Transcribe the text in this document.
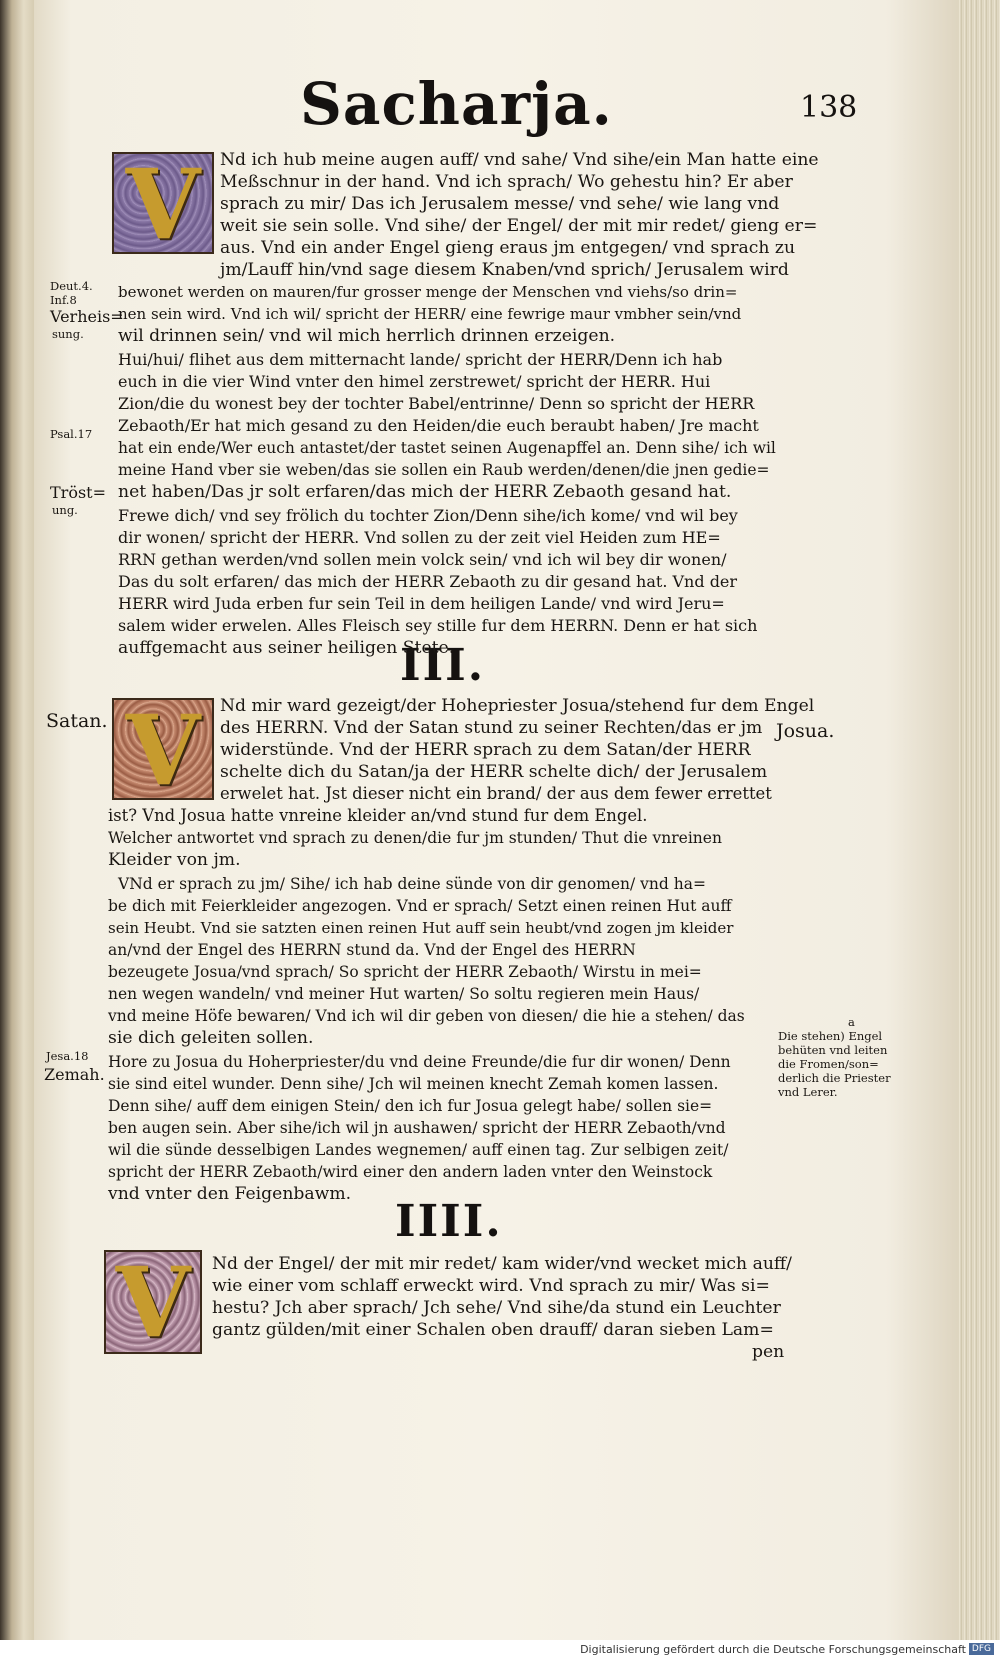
Sacharja.	138
V
V
V
III.
IIII.
Nd ich hub meine augen auff/ vnd sahe/ Vnd sihe/ein Man hatte eine
Meßschnur in der hand. Vnd ich sprach/ Wo gehestu hin? Er aber
sprach zu mir/ Das ich Jerusalem messe/ vnd sehe/ wie lang vnd
weit sie sein solle. Vnd sihe/ der Engel/ der mit mir redet/ gieng er=
aus. Vnd ein ander Engel gieng eraus jm entgegen/ vnd sprach zu
jm/Lauff hin/vnd sage diesem Knaben/vnd sprich/ Jerusalem wird
bewonet werden on mauren/fur grosser menge der Menschen vnd viehs/so drin=
nen sein wird. Vnd ich wil/ spricht der HERR/ eine fewrige maur vmbher sein/vnd
wil drinnen sein/ vnd wil mich herrlich drinnen erzeigen.
Hui/hui/ flihet aus dem mitternacht lande/ spricht der HERR/Denn ich hab
euch in die vier Wind vnter den himel zerstrewet/ spricht der HERR. Hui
Zion/die du wonest bey der tochter Babel/entrinne/ Denn so spricht der HERR
Zebaoth/Er hat mich gesand zu den Heiden/die euch beraubt haben/ Jre macht
hat ein ende/Wer euch antastet/der tastet seinen Augenapffel an. Denn sihe/ ich wil
meine Hand vber sie weben/das sie sollen ein Raub werden/denen/die jnen gedie=
net haben/Das jr solt erfaren/das mich der HERR Zebaoth gesand hat.
Frewe dich/ vnd sey frölich du tochter Zion/Denn sihe/ich kome/ vnd wil bey
dir wonen/ spricht der HERR. Vnd sollen zu der zeit viel Heiden zum HE=
RRN gethan werden/vnd sollen mein volck sein/ vnd ich wil bey dir wonen/
Das du solt erfaren/ das mich der HERR Zebaoth zu dir gesand hat. Vnd der
HERR wird Juda erben fur sein Teil in dem heiligen Lande/ vnd wird Jeru=
salem wider erwelen. Alles Fleisch sey stille fur dem HERRN. Denn er hat sich
auffgemacht aus seiner heiligen Stete.
Nd mir ward gezeigt/der Hohepriester Josua/stehend fur dem Engel
des HERRN. Vnd der Satan stund zu seiner Rechten/das er jm
widerstünde. Vnd der HERR sprach zu dem Satan/der HERR
schelte dich du Satan/ja der HERR schelte dich/ der Jerusalem
erwelet hat. Jst dieser nicht ein brand/ der aus dem fewer errettet
ist? Vnd Josua hatte vnreine kleider an/vnd stund fur dem Engel.
Welcher antwortet vnd sprach zu denen/die fur jm stunden/ Thut die vnreinen
Kleider von jm.
VNd er sprach zu jm/ Sihe/ ich hab deine sünde von dir genomen/ vnd ha=
be dich mit Feierkleider angezogen. Vnd er sprach/ Setzt einen reinen Hut auff
sein Heubt. Vnd sie satzten einen reinen Hut auff sein heubt/vnd zogen jm kleider
an/vnd der Engel des HERRN stund da. Vnd der Engel des HERRN
bezeugete Josua/vnd sprach/ So spricht der HERR Zebaoth/ Wirstu in mei=
nen wegen wandeln/ vnd meiner Hut warten/ So soltu regieren mein Haus/
vnd meine Höfe bewaren/ Vnd ich wil dir geben von diesen/ die hie a stehen/ das
sie dich geleiten sollen.
Hore zu Josua du Hoherpriester/du vnd deine Freunde/die fur dir wonen/ Denn
sie sind eitel wunder. Denn sihe/ Jch wil meinen knecht Zemah komen lassen.
Denn sihe/ auff dem einigen Stein/ den ich fur Josua gelegt habe/ sollen sie=
ben augen sein. Aber sihe/ich wil jn aushawen/ spricht der HERR Zebaoth/vnd
wil die sünde desselbigen Landes wegnemen/ auff einen tag. Zur selbigen zeit/
spricht der HERR Zebaoth/wird einer den andern laden vnter den Weinstock
vnd vnter den Feigenbawm.
Nd der Engel/ der mit mir redet/ kam wider/vnd wecket mich auff/
wie einer vom schlaff erweckt wird. Vnd sprach zu mir/ Was si=
hestu? Jch aber sprach/ Jch sehe/ Vnd sihe/da stund ein Leuchter
gantz gülden/mit einer Schalen oben drauff/ daran sieben Lam=
pen
Deut.4.
Inf.8
Verheis=
sung.
Psal.17
Tröst=
ung.
Satan.	Josua.
Jesa.18
Zemah.
a
Die stehen) Engel
behüten vnd leiten
die Fromen/son=
derlich die Priester
vnd Lerer.
Digitalisierung gefördert durch die Deutsche Forschungsgemeinschaft DFG
